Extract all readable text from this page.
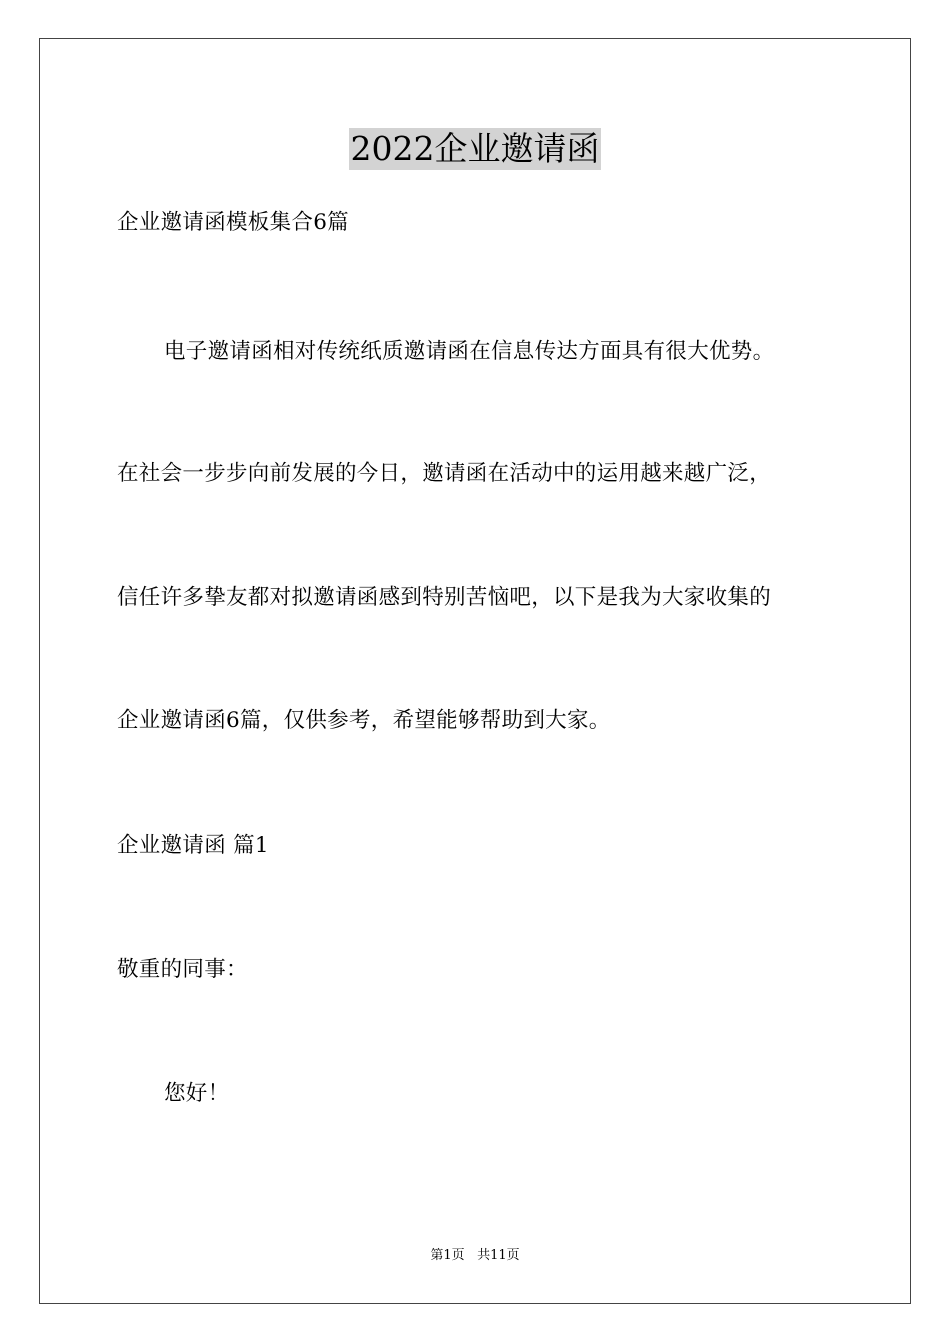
2022企业邀请函
企业邀请函模板集合6篇
电子邀请函相对传统纸质邀请函在信息传达方面具有很大优势。
在社会一步步向前发展的今日，邀请函在活动中的运用越来越广泛，
信任许多挚友都对拟邀请函感到特别苦恼吧，以下是我为大家收集的
企业邀请函6篇，仅供参考，希望能够帮助到大家。
企业邀请函 篇1
敬重的同事：
您好！
第1页 共11页
